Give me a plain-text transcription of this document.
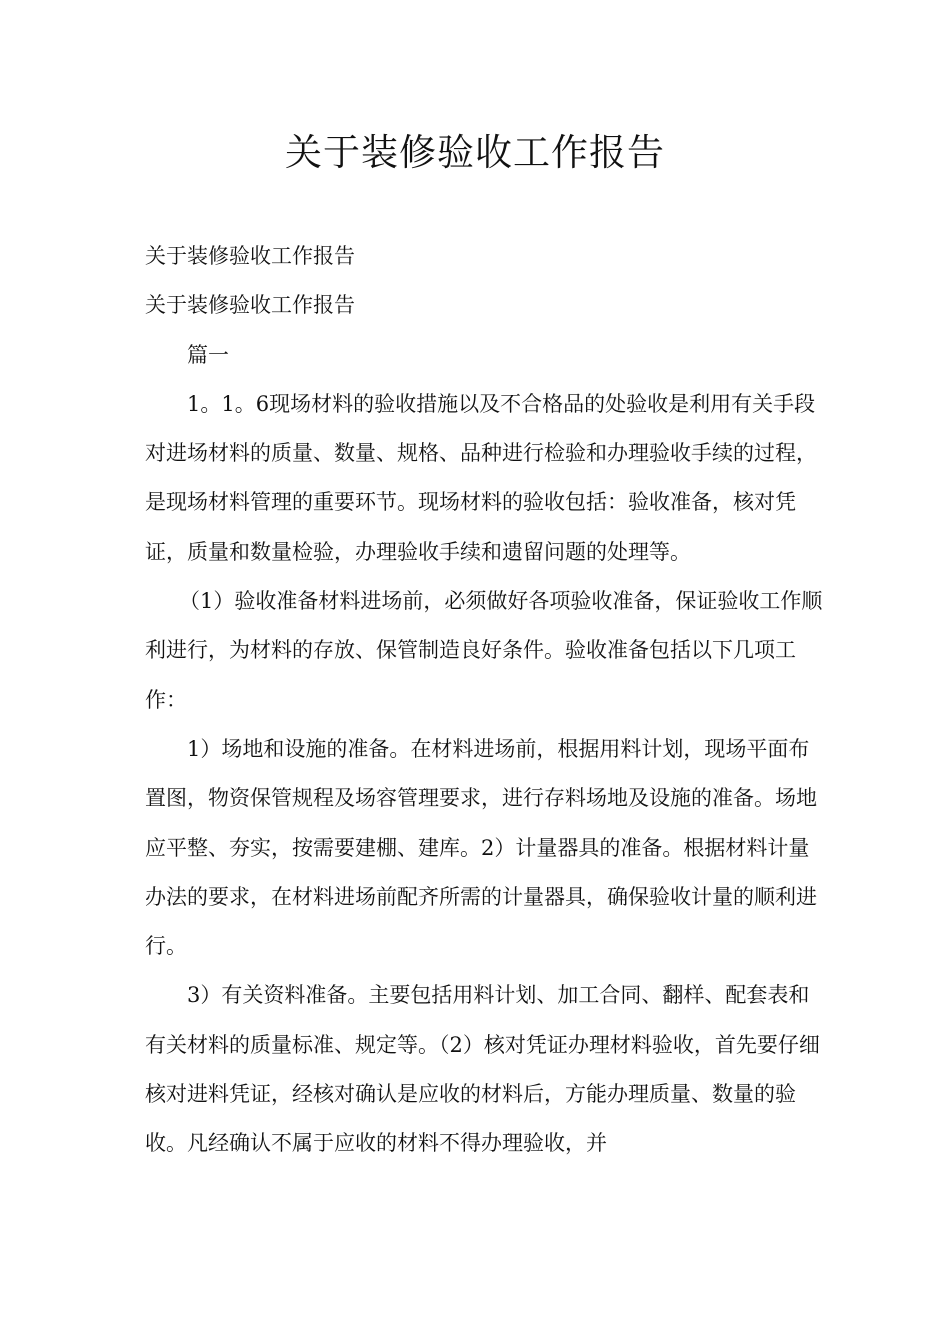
关于装修验收工作报告

关于装修验收工作报告

关于装修验收工作报告

篇一

1。1。6现场材料的验收措施以及不合格品的处验收是利用有关手段对进场材料的质量、数量、规格、品种进行检验和办理验收手续的过程，是现场材料管理的重要环节。现场材料的验收包括：验收准备，核对凭证，质量和数量检验，办理验收手续和遗留问题的处理等。

（1）验收准备材料进场前，必须做好各项验收准备，保证验收工作顺利进行，为材料的存放、保管制造良好条件。验收准备包括以下几项工作：

1）场地和设施的准备。在材料进场前，根据用料计划，现场平面布置图，物资保管规程及场容管理要求，进行存料场地及设施的准备。场地应平整、夯实，按需要建棚、建库。2）计量器具的准备。根据材料计量办法的要求，在材料进场前配齐所需的计量器具，确保验收计量的顺利进行。

3）有关资料准备。主要包括用料计划、加工合同、翻样、配套表和有关材料的质量标准、规定等。（2）核对凭证办理材料验收，首先要仔细核对进料凭证，经核对确认是应收的材料后，方能办理质量、数量的验收。凡经确认不属于应收的材料不得办理验收，并
